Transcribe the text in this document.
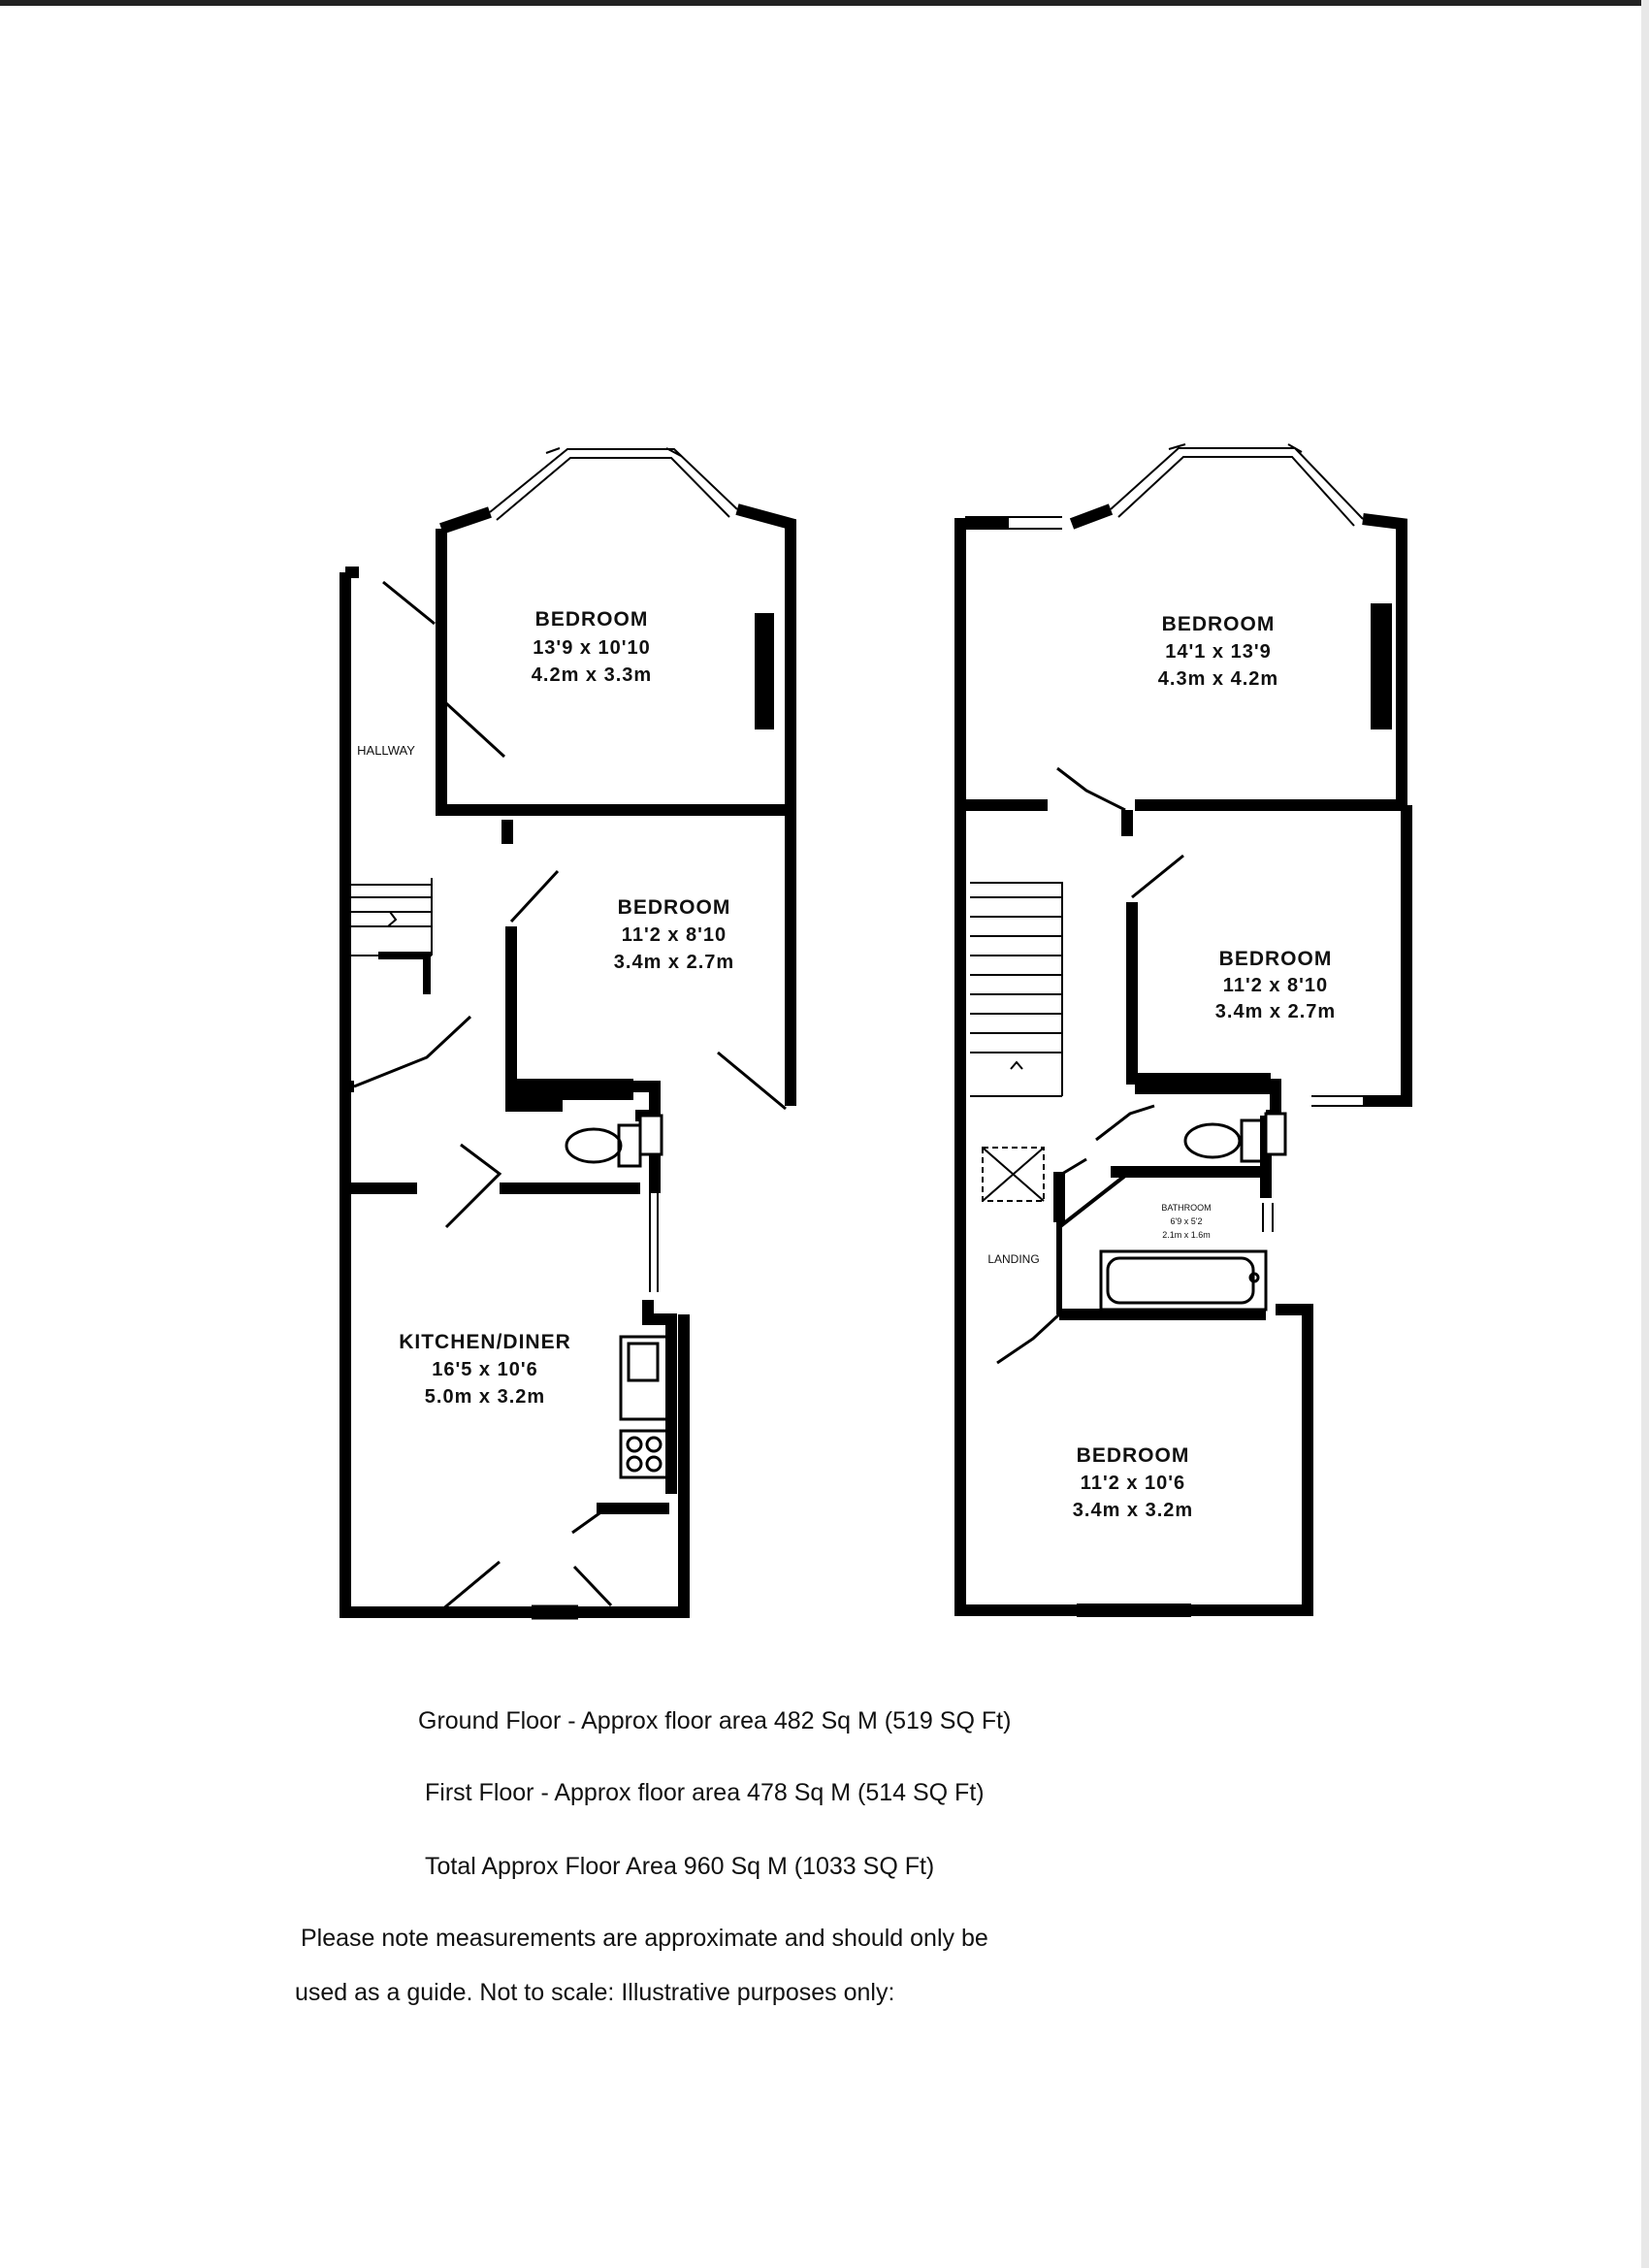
HALLWAY
BEDROOM
13'9 x 10'10
4.2m x 3.3m
BEDROOM
11'2 x 8'10
3.4m x 2.7m
KITCHEN/DINER
16'5 x 10'6
5.0m x 3.2m
BEDROOM
14'1 x 13'9
4.3m x 4.2m
BEDROOM
11'2 x 8'10
3.4m x 2.7m
BATHROOM
6'9 x 5'2
2.1m x 1.6m
LANDING
BEDROOM
11'2 x 10'6
3.4m x 3.2m
Ground Floor - Approx floor area 482 Sq M (519 SQ Ft)
First Floor - Approx floor area 478 Sq M (514 SQ Ft)
Total Approx Floor Area 960 Sq M (1033 SQ Ft)
Please note measurements are approximate and should only be
used as a guide. Not to scale: Illustrative purposes only:
